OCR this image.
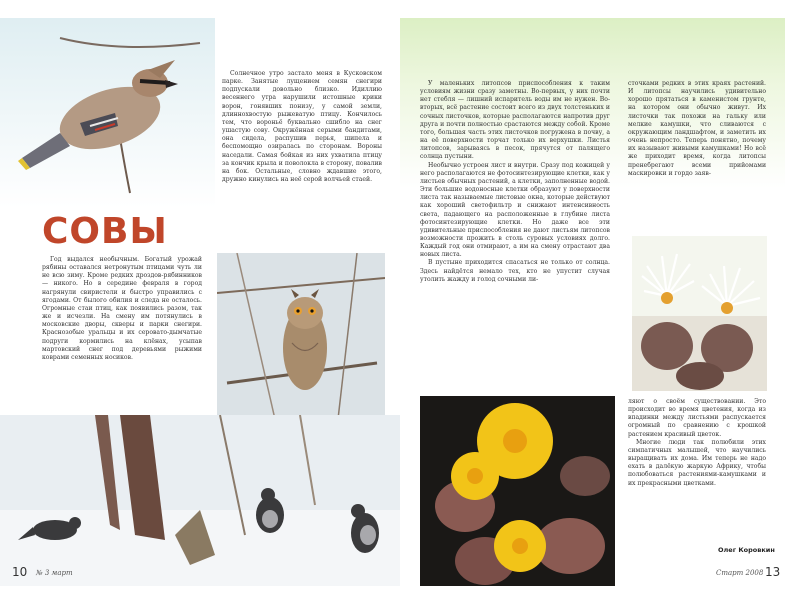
СОВЫ

Солнечное утро застало меня в Кусковском парке. Занятые лущением семян снегири подпускали довольно близко. Идиллию весеннего утра нарушили истошные крики ворон, гонявших понизу, у самой земли, длиннохвостую рыжеватую птицу. Кончилось тем, что вороньё буквально сшибло на снег ушастую сову. Окружённая серыми бандитами, она сидела, распушив перья, шипела и беспомощно озиралась по сторонам. Вороны наседали. Самая бойкая из них ухватила птицу за кончик крыла и поволокла в сторону, повалив на бок. Остальные, словно ждавшие этого, дружно кинулись на неё серой волчьей стаей.

Год выдался необычным. Богатый урожай рябины оставался нетронутым птицами чуть ли не всю зиму. Кроме редких дроздов-рябинников — никого. Но в середине февраля в город нагрянули свиристели и быстро управились с ягодами. От былого обилия и следа не осталось. Огромные стаи птиц, как появились разом, так же и исчезли. На смену им потянулись в московские дворы, скверы и парки снегири. Краснозобые уральцы и их серовато-дымчатые подруги кормились на клёнах, усыпав мартовский снег под деревьями рыжими коврами семенных носиков.

10 № 3 март

У маленьких литопсов приспособления к таким условиям жизни сразу заметны. Во-первых, у них почти нет стебля — лишний испаритель воды им не нужен. Во-вторых, всё растение состоит всего из двух толстеньких и сочных листочков, которые располагаются напротив друг друга и почти полностью срастаются между собой. Кроме того, большая часть этих листочков погружена в почву, а на её поверхности торчат только их верхушки. Листья литопсов, зарываясь в песок, прячутся от палящего солнца пустыни.

Необычно устроен лист и внутри. Сразу под кожицей у него располагаются не фотосинтезирующие клетки, как у листьев обычных растений, а клетки, заполненные водой. Эти большие водоносные клетки образуют у поверхности листа так называемые листовые окна, которые действуют как хороший светофильтр и снижают интенсивность света, падающего на расположенные в глубине листа фотосинтезирующие клетки. Но даже все эти удивительные приспособления не дают листьям литопсов возможности прожить в столь суровых условиях долго. Каждый год они отмирают, а им на смену отрастают два новых листа.

В пустыне приходится спасаться не только от солнца. Здесь найдётся немало тех, кто не упустит случая утолить жажду и голод сочными ли-

сточками редких в этих краях растений. И литопсы научились удивительно хорошо прятаться в каменистом грунте, на котором они обычно живут. Их листочки так похожи на гальку или мелкие камушки, что сливаются с окружающим ландшафтом, и заметить их очень непросто. Теперь понятно, почему их называют живыми камушками! Но всё же приходит время, когда литопсы пренебрегают всеми прийомами маскировки и гордо заяв-

ляют о своём существовании. Это происходит во время цветения, когда из впадинки между листьями распускается огромный по сравнению с крошкой растением красивый цветок.

Многие люди так полюбили этих симпатичных малышей, что научились выращивать их дома. Им теперь не надо ехать в далёкую жаркую Африку, чтобы полюбоваться растениями-камушками и их прекрасными цветками.

Олег Коровкин
Старт 2008 13
